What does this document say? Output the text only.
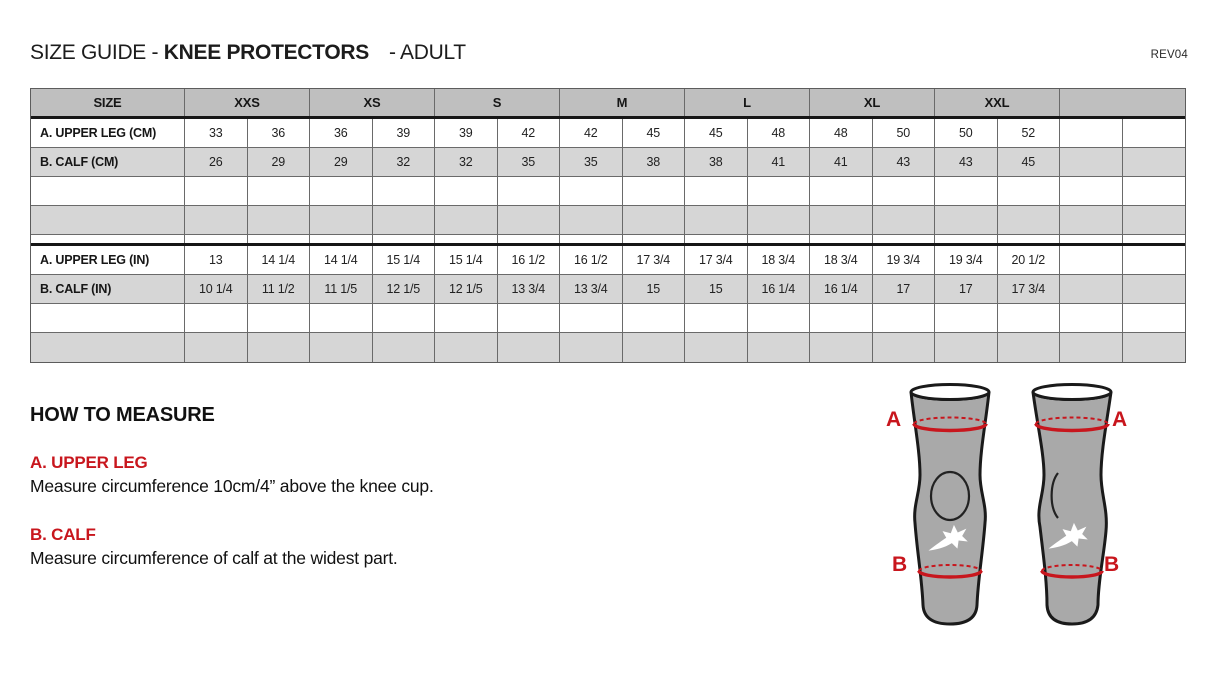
SIZE GUIDE - KNEE PROTECTORS - ADULT	REV04
SIZE	XXS	XS	S	M	L	XL	XXL
A. UPPER LEG (CM)	33	36	36	39	39	42	42	45	45	48	48	50	50	52
B. CALF (CM)	26	29	29	32	32	35	35	38	38	41	41	43	43	45
A. UPPER LEG (IN)	13	14 1/4	14 1/4	15 1/4	15 1/4	16 1/2	16 1/2	17 3/4	17 3/4	18 3/4	18 3/4	19 3/4	19 3/4	20 1/2
B. CALF (IN)	10 1/4	11 1/2	11 1/5	12 1/5	12 1/5	13 3/4	13 3/4	15	15	16 1/4	16 1/4	17	17	17 3/4
HOW TO MEASURE
A. UPPER LEG
Measure circumference 10cm/4” above the knee cup.
B. CALF
Measure circumference of calf at the widest part.
A	A
B	B
